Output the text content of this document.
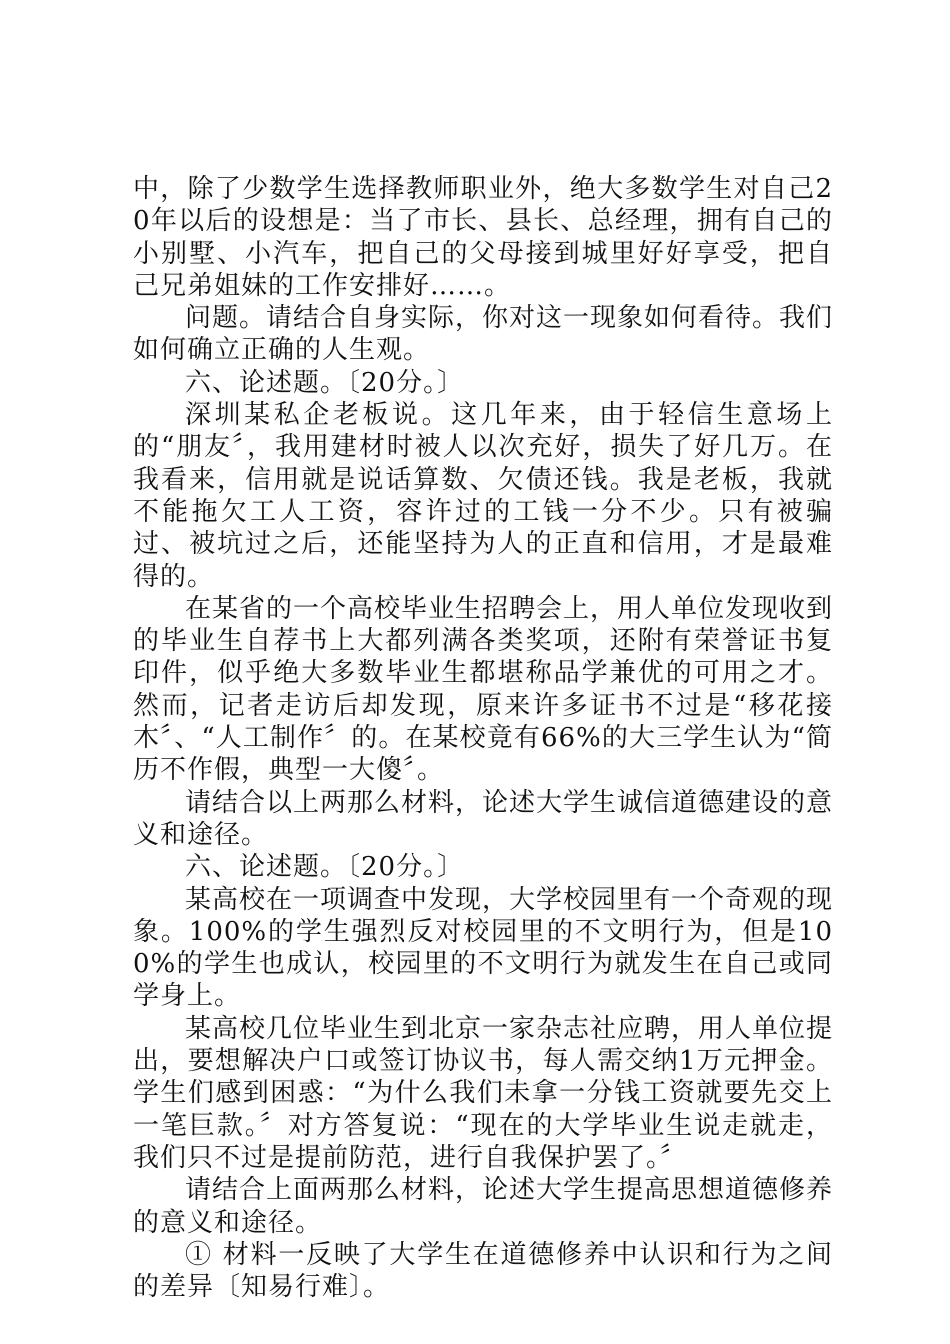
中，除了少数学生选择教师职业外，绝大多数学生对自己20年以后的设想是：当了市长、县长、总经理，拥有自己的小别墅、小汽车，把自己的父母接到城里好好享受，把自己兄弟姐妹的工作安排好……。

问题。请结合自身实际，你对这一现象如何看待。我们如何确立正确的人生观。

六、论述题。〔20分。〕

深圳某私企老板说。这几年来，由于轻信生意场上的“朋友〞，我用建材时被人以次充好，损失了好几万。在我看来，信用就是说话算数、欠债还钱。我是老板，我就不能拖欠工人工资，容许过的工钱一分不少。只有被骗过、被坑过之后，还能坚持为人的正直和信用，才是最难得的。

在某省的一个高校毕业生招聘会上，用人单位发现收到的毕业生自荐书上大都列满各类奖项，还附有荣誉证书复印件，似乎绝大多数毕业生都堪称品学兼优的可用之才。然而，记者走访后却发现，原来许多证书不过是“移花接木〞、“人工制作〞的。在某校竟有66%的大三学生认为“简历不作假，典型一大傻〞。

请结合以上两那么材料，论述大学生诚信道德建设的意义和途径。

六、论述题。〔20分。〕

某高校在一项调查中发现，大学校园里有一个奇观的现象。100%的学生强烈反对校园里的不文明行为，但是100%的学生也成认，校园里的不文明行为就发生在自己或同学身上。

某高校几位毕业生到北京一家杂志社应聘，用人单位提出，要想解决户口或签订协议书，每人需交纳1万元押金。学生们感到困惑：“为什么我们未拿一分钱工资就要先交上一笔巨款。〞对方答复说：“现在的大学毕业生说走就走，我们只不过是提前防范，进行自我保护罢了。〞

请结合上面两那么材料，论述大学生提高思想道德修养的意义和途径。

① 材料一反映了大学生在道德修养中认识和行为之间的差异〔知易行难〕。
